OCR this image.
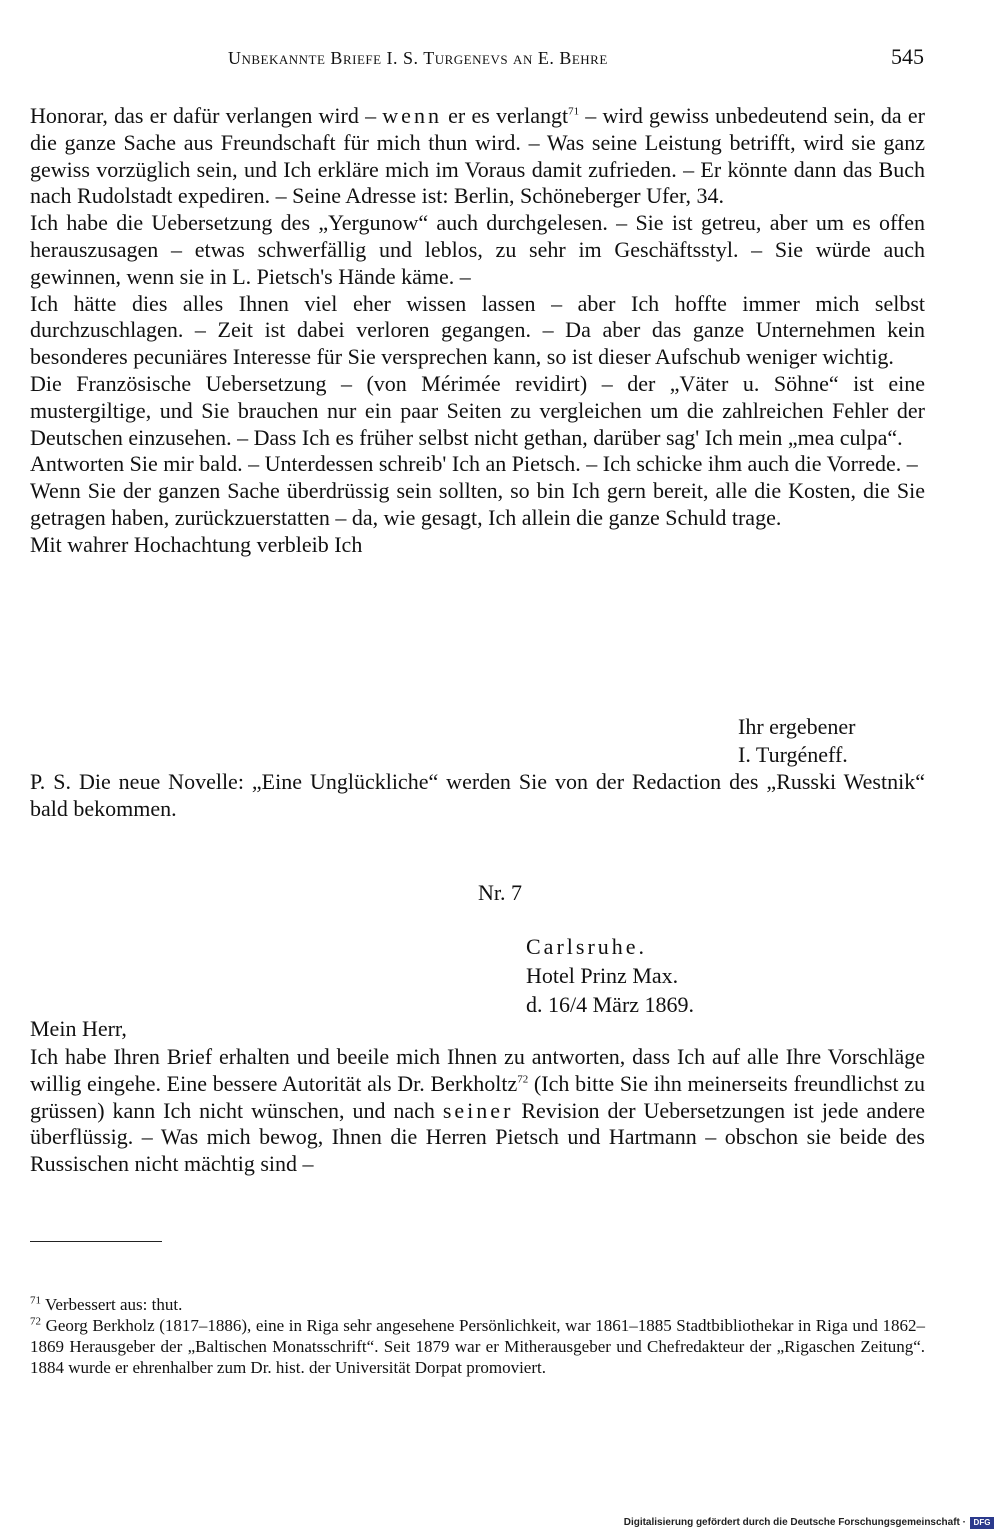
Unbekannte Briefe I. S. Turgenevs an E. Behre	545

Honorar, das er dafür verlangen wird – wenn er es verlangt$^{71}$ – wird gewiss unbedeutend sein, da er die ganze Sache aus Freundschaft für mich thun wird. – Was seine Leistung betrifft, wird sie ganz gewiss vorzüglich sein, und Ich erkläre mich im Voraus damit zufrieden. – Er könnte dann das Buch nach Rudolstadt expediren. – Seine Adresse ist: Berlin, Schöneberger Ufer, 34.

Ich habe die Uebersetzung des „Yergunow“ auch durchgelesen. – Sie ist getreu, aber um es offen herauszusagen – etwas schwerfällig und leblos, zu sehr im Geschäftsstyl. – Sie würde auch gewinnen, wenn sie in L. Pietsch's Hände käme. –

Ich hätte dies alles Ihnen viel eher wissen lassen – aber Ich hoffte immer mich selbst durchzuschlagen. – Zeit ist dabei verloren gegangen. – Da aber das ganze Unternehmen kein besonderes pecuniäres Interesse für Sie versprechen kann, so ist dieser Aufschub weniger wichtig.

Die Französische Uebersetzung – (von Mérimée revidirt) – der „Väter u. Söhne“ ist eine mustergiltige, und Sie brauchen nur ein paar Seiten zu vergleichen um die zahlreichen Fehler der Deutschen einzusehen. – Dass Ich es früher selbst nicht gethan, darüber sag' Ich mein „mea culpa“.

Antworten Sie mir bald. – Unterdessen schreib' Ich an Pietsch. – Ich schicke ihm auch die Vorrede. –

Wenn Sie der ganzen Sache überdrüssig sein sollten, so bin Ich gern bereit, alle die Kosten, die Sie getragen haben, zurückzuerstatten – da, wie gesagt, Ich allein die ganze Schuld trage.

Mit wahrer Hochachtung verbleib Ich

Ihr ergebener
I. Turgéneff.

P. S. Die neue Novelle: „Eine Unglückliche“ werden Sie von der Redaction des „Russki Westnik“ bald bekommen.

Nr. 7
Carlsruhe.
Hotel Prinz Max.
d. 16/4 März 1869.
Mein Herr,

Ich habe Ihren Brief erhalten und beeile mich Ihnen zu antworten, dass Ich auf alle Ihre Vorschläge willig eingehe. Eine bessere Autorität als Dr. Berkholtz$^{72}$ (Ich bitte Sie ihn meinerseits freundlichst zu grüssen) kann Ich nicht wünschen, und nach seiner Revision der Uebersetzungen ist jede andere überflüssig. – Was mich bewog, Ihnen die Herren Pietsch und Hartmann – obschon sie beide des Russischen nicht mächtig sind –

$^{71}$ Verbessert aus: thut.

$^{72}$ Georg Berkholz (1817–1886), eine in Riga sehr angesehene Persönlichkeit, war 1861–1885 Stadtbibliothekar in Riga und 1862–1869 Herausgeber der „Baltischen Monatsschrift“. Seit 1879 war er Mitherausgeber und Chefredakteur der „Rigaschen Zeitung“. 1884 wurde er ehrenhalber zum Dr. hist. der Universität Dorpat promoviert.

Digitalisierung gefördert durch die Deutsche Forschungsgemeinschaft · DFG
